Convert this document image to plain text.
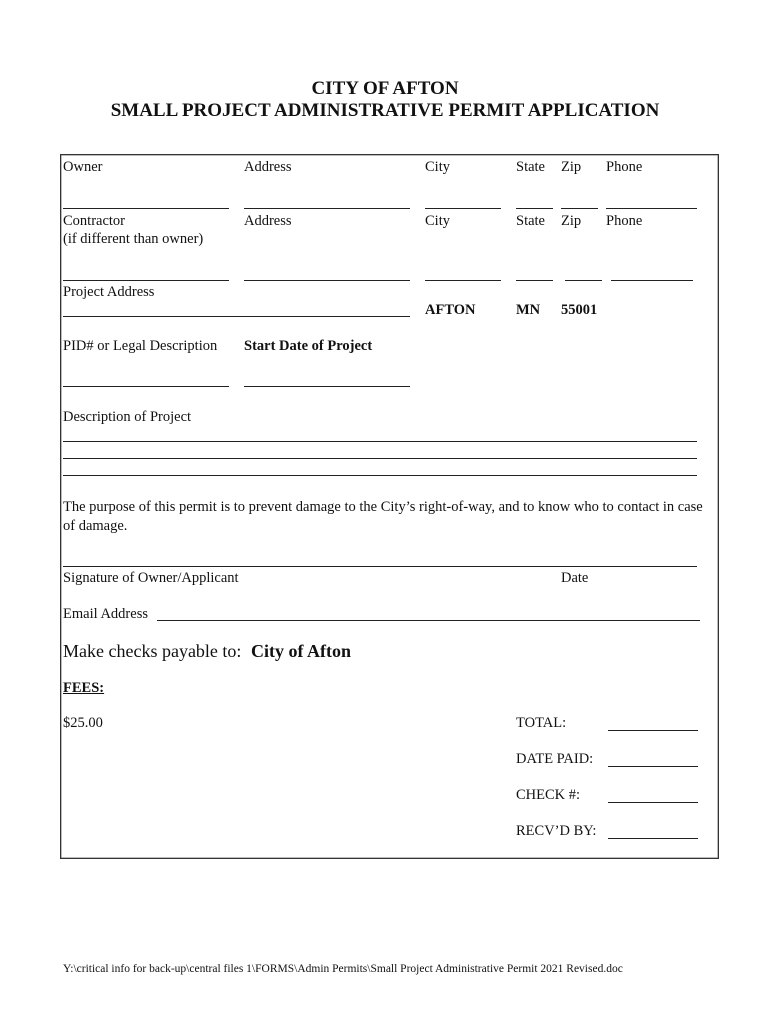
CITY OF AFTON
SMALL PROJECT ADMINISTRATIVE PERMIT APPLICATION
Owner	Address	City	State Zip Phone
Contractor
(if different than owner)
Address	City	State Zip Phone
Project Address
AFTON	MN 55001
PID# or Legal Description Start Date of Project
Description of Project
The purpose of this permit is to prevent damage to the City’s right-of-way, and to know who to contact in case of damage.
Signature of Owner/Applicant	Date
Email Address
Make checks payable to: City of Afton
FEES:
$25.00	TOTAL:
DATE PAID:
CHECK #:
RECV’D BY:
Y:\critical info for back-up\central files 1\FORMS\Admin Permits\Small Project Administrative Permit 2021 Revised.doc
